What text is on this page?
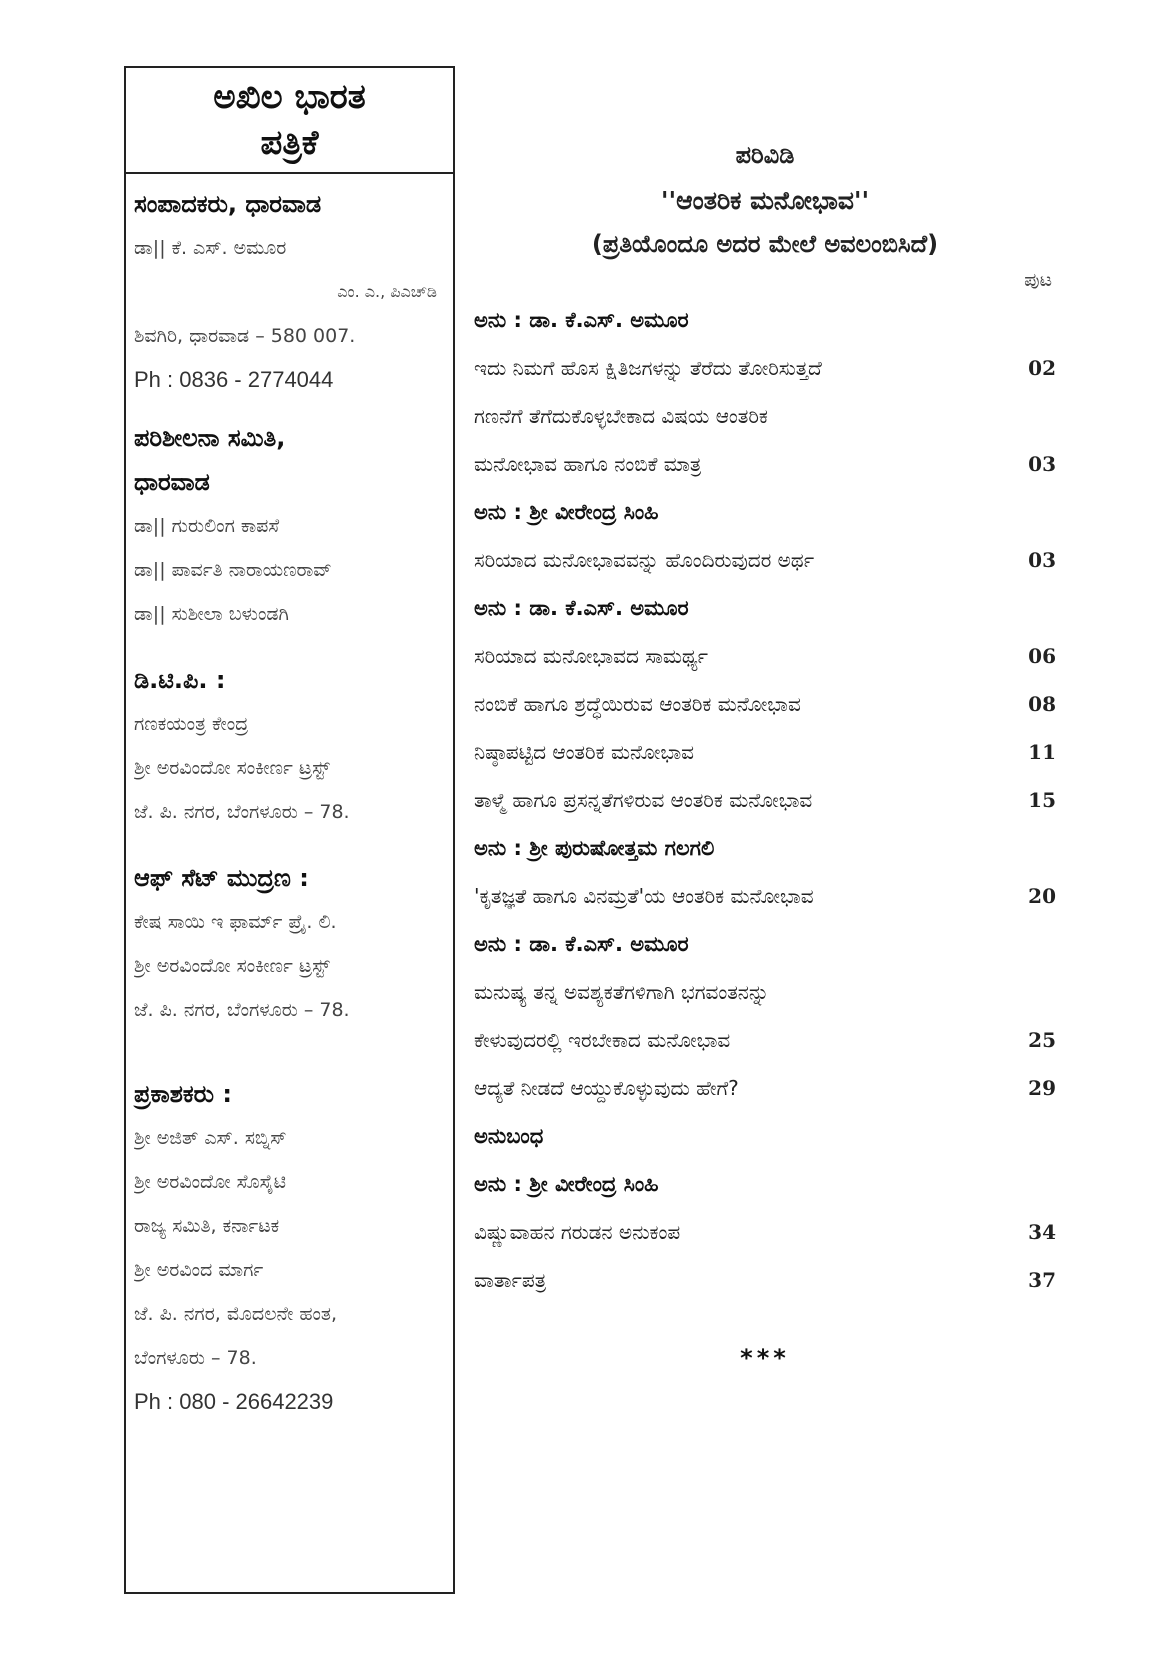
ಅಖಿಲ ಭಾರತ
ಪತ್ರಿಕೆ
ಸಂಪಾದಕರು, ಧಾರವಾಡ
ಡಾ|| ಕೆ. ಎಸ್. ಅಮೂರ
ಎಂ. ಎ., ಪಿಎಚ್‌ಡಿ
ಶಿವಗಿರಿ, ಧಾರವಾಡ – 580 007.
Ph : 0836 - 2774044
ಪರಿಶೀಲನಾ ಸಮಿತಿ,
ಧಾರವಾಡ
ಡಾ|| ಗುರುಲಿಂಗ ಕಾಪಸೆ
ಡಾ|| ಪಾರ್ವತಿ ನಾರಾಯಣರಾವ್
ಡಾ|| ಸುಶೀಲಾ ಬಳುಂಡಗಿ
ಡಿ.ಟಿ.ಪಿ. :
ಗಣಕಯಂತ್ರ ಕೇಂದ್ರ
ಶ್ರೀ ಅರವಿಂದೋ ಸಂಕೀರ್ಣ ಟ್ರಸ್ಟ್
ಜೆ. ಪಿ. ನಗರ, ಬೆಂಗಳೂರು – 78.
ಆಫ್ ಸೆಟ್ ಮುದ್ರಣ :
ಕೇಷ ಸಾಯಿ ಇ ಫಾರ್ಮ್ ಪ್ರೈ. ಲಿ.
ಶ್ರೀ ಅರವಿಂದೋ ಸಂಕೀರ್ಣ ಟ್ರಸ್ಟ್
ಜೆ. ಪಿ. ನಗರ, ಬೆಂಗಳೂರು – 78.
ಪ್ರಕಾಶಕರು :
ಶ್ರೀ ಅಜಿತ್ ಎಸ್. ಸಬ್ನಿಸ್
ಶ್ರೀ ಅರವಿಂದೋ ಸೊಸೈಟಿ
ರಾಜ್ಯ ಸಮಿತಿ, ಕರ್ನಾಟಕ
ಶ್ರೀ ಅರವಿಂದ ಮಾರ್ಗ
ಜೆ. ಪಿ. ನಗರ, ಮೊದಲನೇ ಹಂತ,
ಬೆಂಗಳೂರು – 78.
Ph : 080 - 26642239
ಪರಿವಿಡಿ
''ಆಂತರಿಕ ಮನೋಭಾವ''
(ಪ್ರತಿಯೊಂದೂ ಅದರ ಮೇಲೆ ಅವಲಂಬಿಸಿದೆ)
ಪುಟ
ಅನು : ಡಾ. ಕೆ.ಎಸ್. ಅಮೂರ
ಇದು ನಿಮಗೆ ಹೊಸ ಕ್ಷಿತಿಜಗಳನ್ನು ತೆರೆದು ತೋರಿಸುತ್ತದೆ	02
ಗಣನೆಗೆ ತೆಗೆದುಕೊಳ್ಳಬೇಕಾದ ವಿಷಯ ಆಂತರಿಕ
ಮನೋಭಾವ ಹಾಗೂ ನಂಬಿಕೆ ಮಾತ್ರ	03
ಅನು : ಶ್ರೀ ವೀರೇಂದ್ರ ಸಿಂಹಿ
ಸರಿಯಾದ ಮನೋಭಾವವನ್ನು ಹೊಂದಿರುವುದರ ಅರ್ಥ	03
ಅನು : ಡಾ. ಕೆ.ಎಸ್. ಅಮೂರ
ಸರಿಯಾದ ಮನೋಭಾವದ ಸಾಮರ್ಥ್ಯ	06
ನಂಬಿಕೆ ಹಾಗೂ ಶ್ರದ್ಧೆಯಿರುವ ಆಂತರಿಕ ಮನೋಭಾವ	08
ನಿಷ್ಠಾಪಟ್ಟಿದ ಆಂತರಿಕ ಮನೋಭಾವ	11
ತಾಳ್ಮೆ ಹಾಗೂ ಪ್ರಸನ್ನತೆಗಳಿರುವ ಆಂತರಿಕ ಮನೋಭಾವ	15
ಅನು : ಶ್ರೀ ಪುರುಷೋತ್ತಮ ಗಲಗಲಿ
'ಕೃತಜ್ಞತೆ ಹಾಗೂ ವಿನಮ್ರತೆ'ಯ ಆಂತರಿಕ ಮನೋಭಾವ	20
ಅನು : ಡಾ. ಕೆ.ಎಸ್. ಅಮೂರ
ಮನುಷ್ಯ ತನ್ನ ಅವಶ್ಯಕತೆಗಳಿಗಾಗಿ ಭಗವಂತನನ್ನು
ಕೇಳುವುದರಲ್ಲಿ ಇರಬೇಕಾದ ಮನೋಭಾವ	25
ಆದ್ಯತೆ ನೀಡದೆ ಆಯ್ದುಕೊಳ್ಳುವುದು ಹೇಗೆ?	29
ಅನುಬಂಧ
ಅನು : ಶ್ರೀ ವೀರೇಂದ್ರ ಸಿಂಹಿ
ವಿಷ್ಣುವಾಹನ ಗರುಡನ ಅನುಕಂಪ	34
ವಾರ್ತಾಪತ್ರ	37
***
